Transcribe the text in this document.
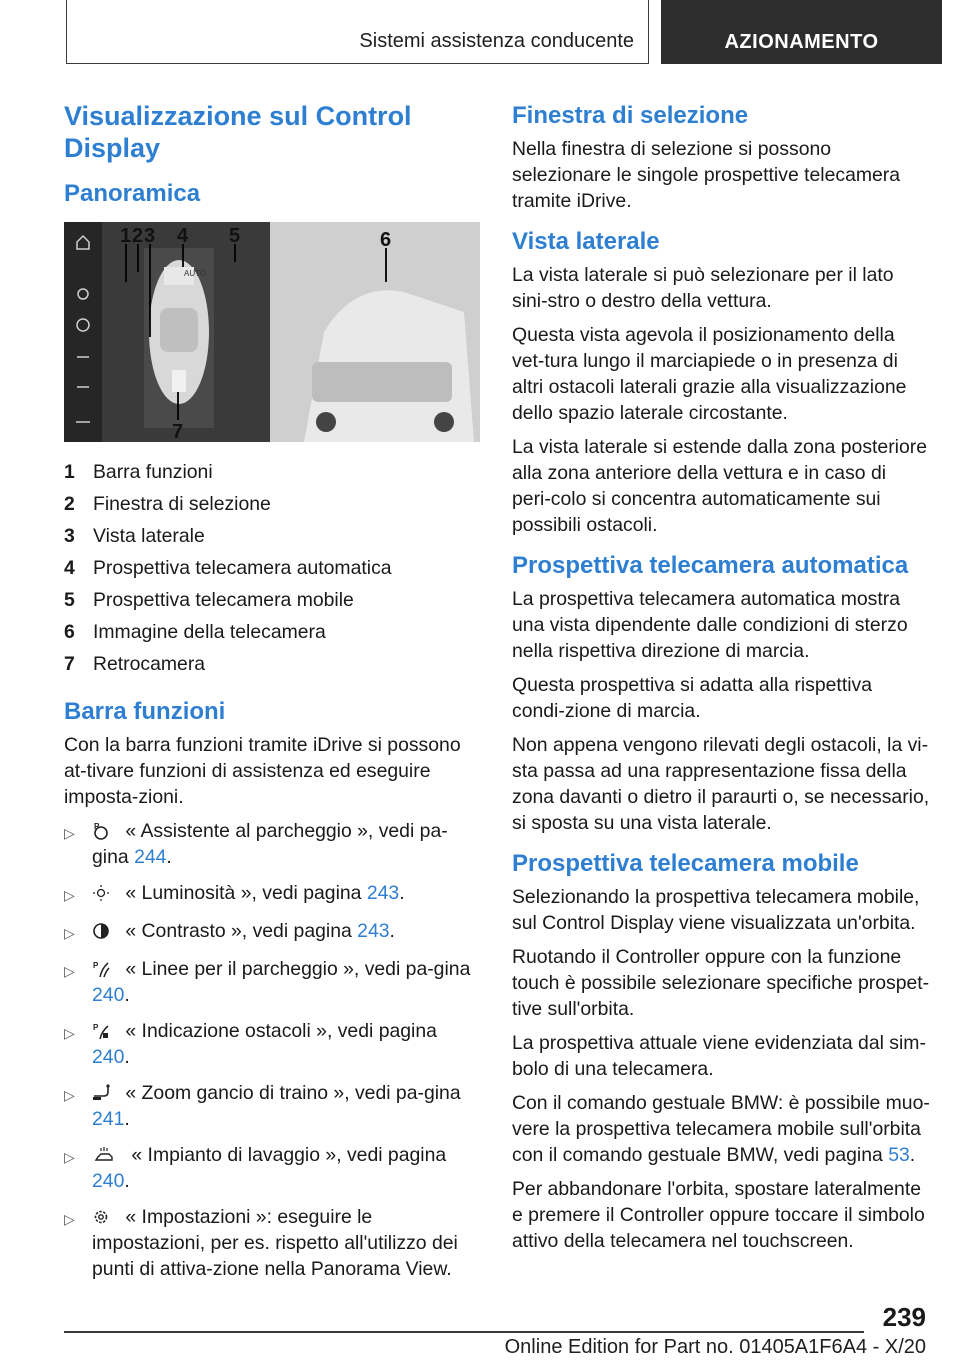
Sistemi assistenza conducente	AZIONAMENTO
Visualizzazione sul Control Display
Panoramica
AUTO
1 2 3 4 5	6
7
1 Barra funzioni
2 Finestra di selezione
3 Vista laterale
4 Prospettiva telecamera automatica
5 Prospettiva telecamera mobile
6 Immagine della telecamera
7 Retrocamera
Barra funzioni

Con la barra funzioni tramite iDrive si possono at-tivare funzioni di assistenza ed eseguire imposta-zioni.

▷	P « Assistente al parcheggio », vedi pa-gina 244.
▷	« Luminosità », vedi pagina 243.
▷	« Contrasto », vedi pagina 243.
▷	P « Linee per il parcheggio », vedi pa-gina 240.
▷	P « Indicazione ostacoli », vedi pagina 240.
▷	« Zoom gancio di traino », vedi pa-gina 241.
▷	« Impianto di lavaggio », vedi pagina 240.
▷	« Impostazioni »: eseguire le impostazioni, per es. rispetto all'utilizzo dei punti di attiva-zione nella Panorama View.
Finestra di selezione

Nella finestra di selezione si possono selezionare le singole prospettive telecamera tramite iDrive.

Vista laterale

La vista laterale si può selezionare per il lato sini-stro o destro della vettura.

Questa vista agevola il posizionamento della vet-tura lungo il marciapiede o in presenza di altri ostacoli laterali grazie alla visualizzazione dello spazio laterale circostante.

La vista laterale si estende dalla zona posteriore alla zona anteriore della vettura e in caso di peri-colo si concentra automaticamente sui possibili ostacoli.

Prospettiva telecamera automatica

La prospettiva telecamera automatica mostra una vista dipendente dalle condizioni di sterzo nella rispettiva direzione di marcia.

Questa prospettiva si adatta alla rispettiva condi-zione di marcia.

Non appena vengono rilevati degli ostacoli, la vi-sta passa ad una rappresentazione fissa della zona davanti o dietro il paraurti o, se necessario, si sposta su una vista laterale.

Prospettiva telecamera mobile

Selezionando la prospettiva telecamera mobile, sul Control Display viene visualizzata un'orbita.

Ruotando il Controller oppure con la funzione touch è possibile selezionare specifiche prospet-tive sull'orbita.

La prospettiva attuale viene evidenziata dal sim-bolo di una telecamera.

Con il comando gestuale BMW: è possibile muo-vere la prospettiva telecamera mobile sull'orbita con il comando gestuale BMW, vedi pagina 53.

Per abbandonare l'orbita, spostare lateralmente e premere il Controller oppure toccare il simbolo attivo della telecamera nel touchscreen.

239
Online Edition for Part no. 01405A1F6A4 - X/20
